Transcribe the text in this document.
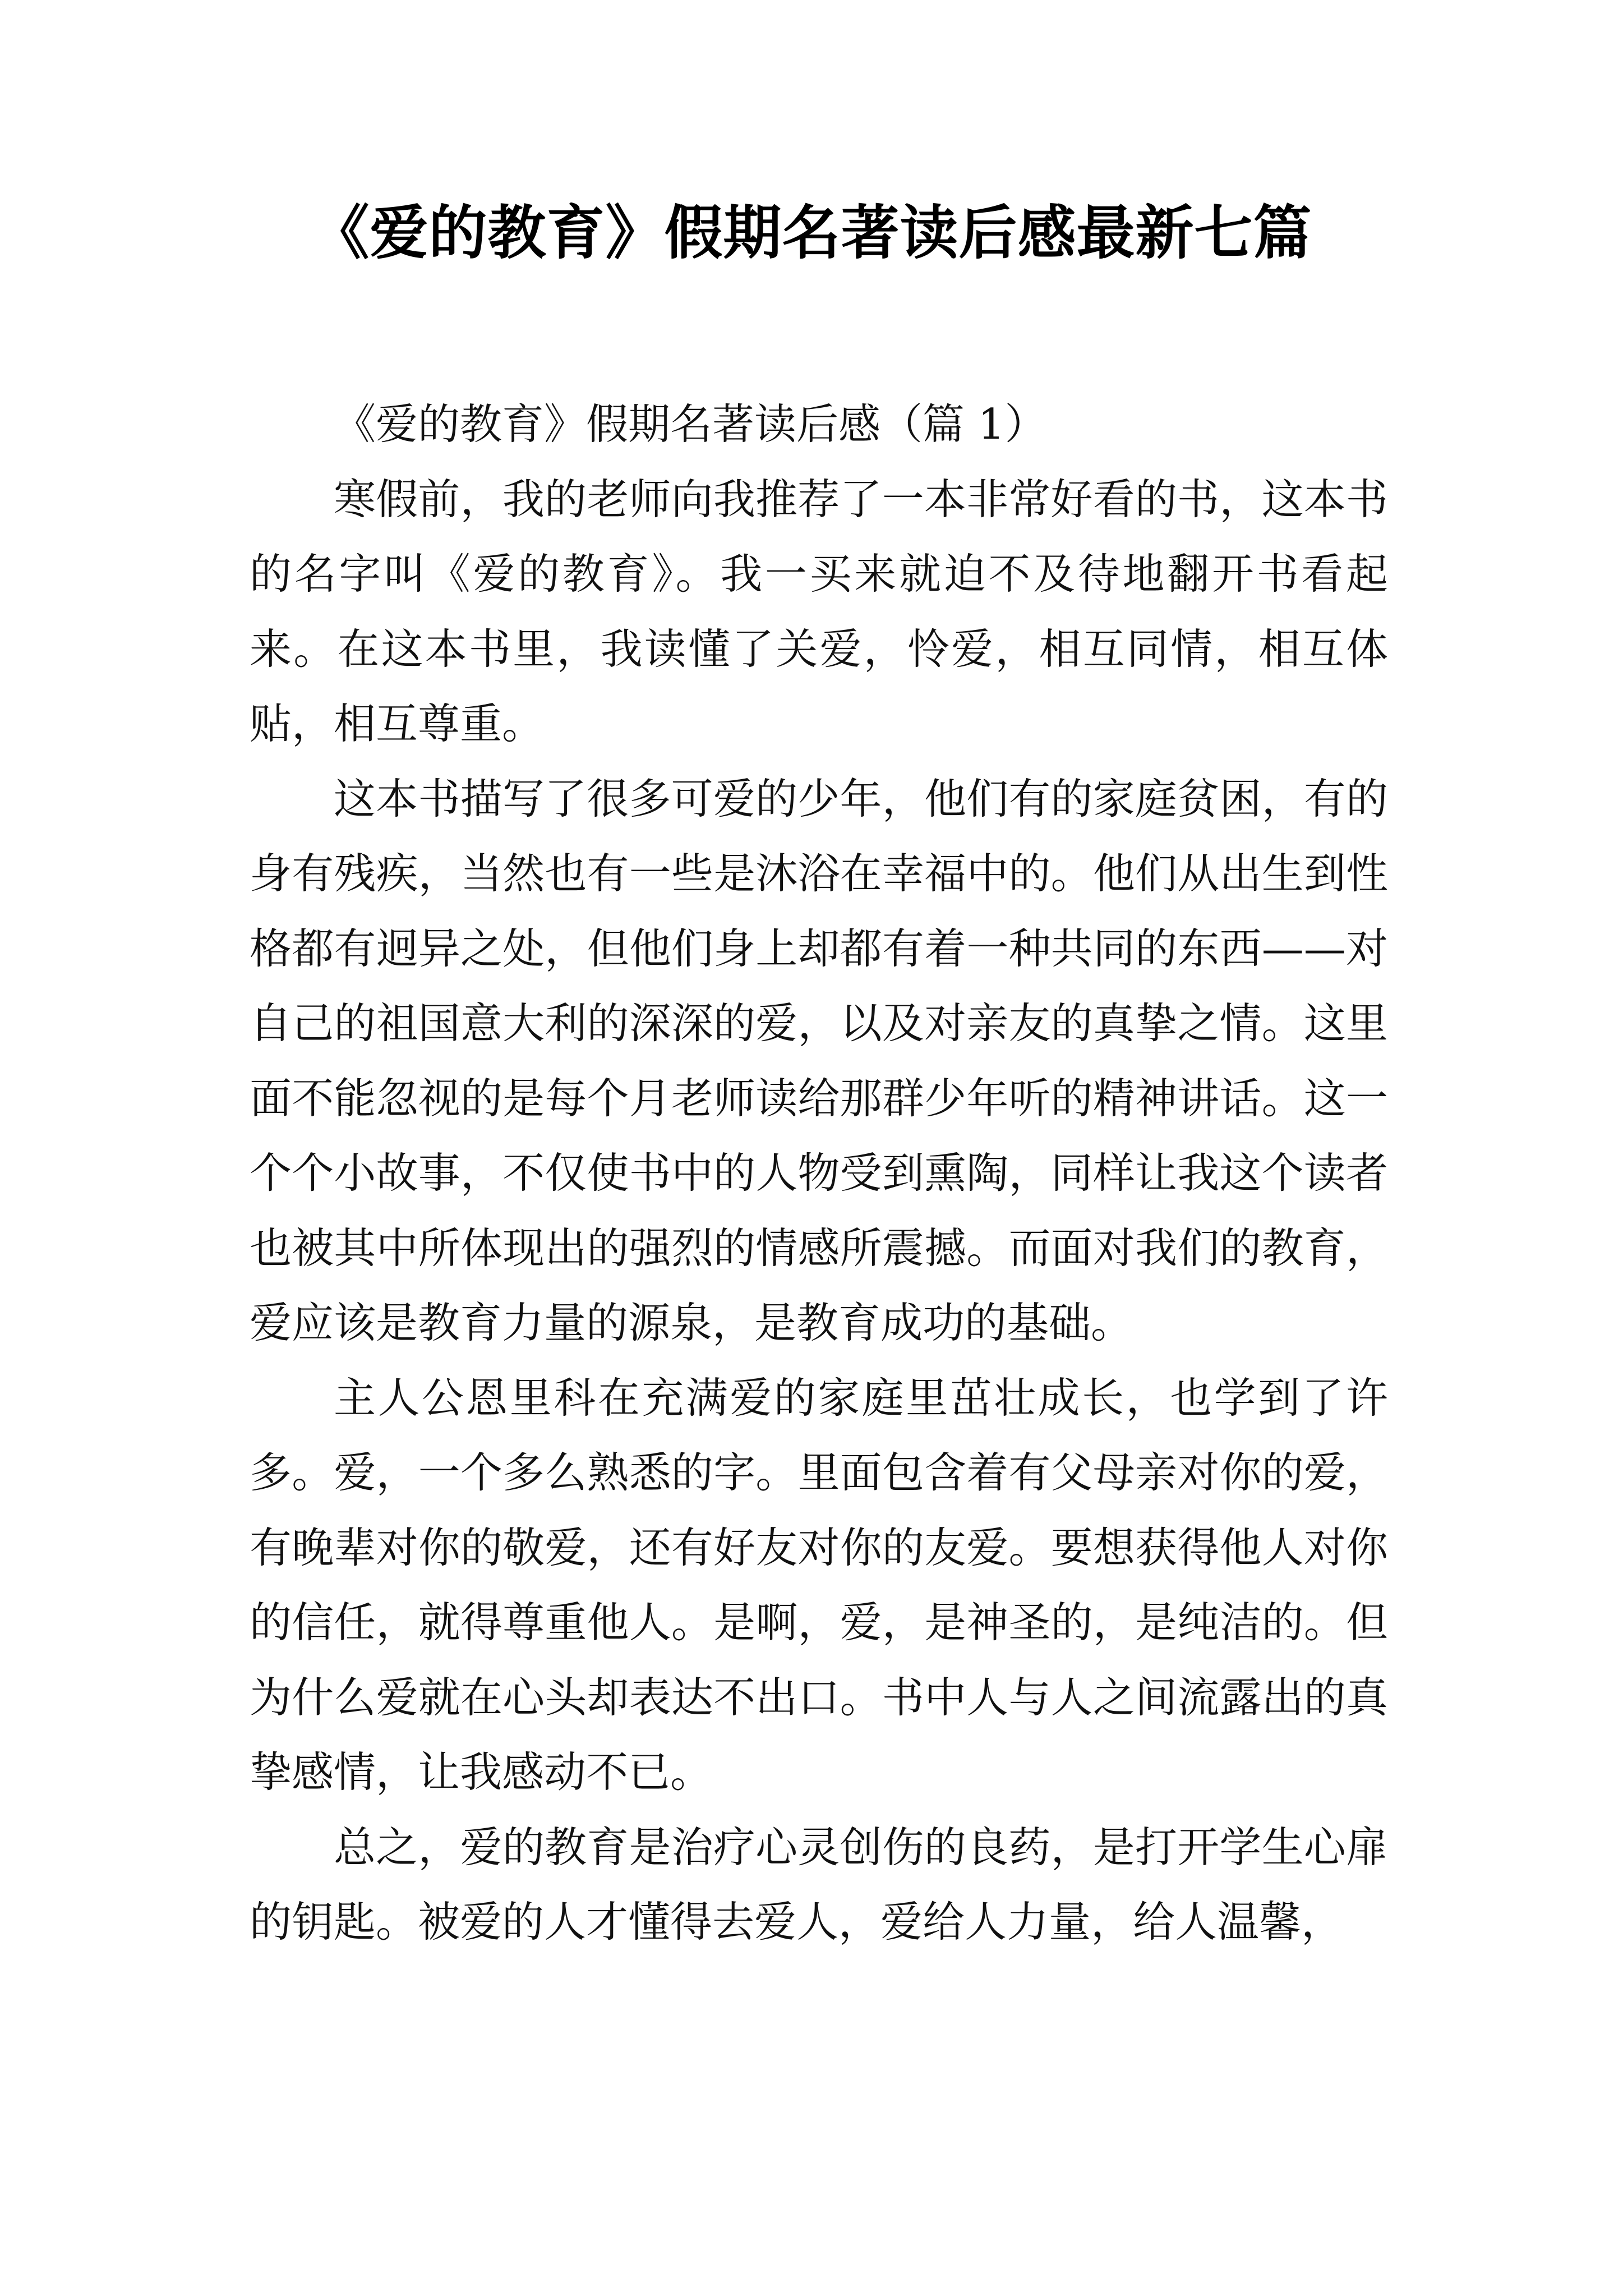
《爱的教育》假期名著读后感最新七篇

《爱的教育》假期名著读后感（篇 1）

寒假前，我的老师向我推荐了一本非常好看的书，这本书的名字叫《爱的教育》。我一买来就迫不及待地翻开书看起来。在这本书里，我读懂了关爱，怜爱，相互同情，相互体贴，相互尊重。

这本书描写了很多可爱的少年，他们有的家庭贫困，有的身有残疾，当然也有一些是沐浴在幸福中的。他们从出生到性格都有迥异之处，但他们身上却都有着一种共同的东西——对自己的祖国意大利的深深的爱，以及对亲友的真挚之情。这里面不能忽视的是每个月老师读给那群少年听的精神讲话。这一个个小故事，不仅使书中的人物受到熏陶，同样让我这个读者也被其中所体现出的强烈的情感所震撼。而面对我们的教育，爱应该是教育力量的源泉，是教育成功的基础。

主人公恩里科在充满爱的家庭里茁壮成长，也学到了许多。爱，一个多么熟悉的字。里面包含着有父母亲对你的爱，有晚辈对你的敬爱，还有好友对你的友爱。要想获得他人对你的信任，就得尊重他人。是啊，爱，是神圣的，是纯洁的。但为什么爱就在心头却表达不出口。书中人与人之间流露出的真挚感情，让我感动不已。

总之，爱的教育是治疗心灵创伤的良药，是打开学生心扉的钥匙。被爱的人才懂得去爱人，爱给人力量，给人温馨，
